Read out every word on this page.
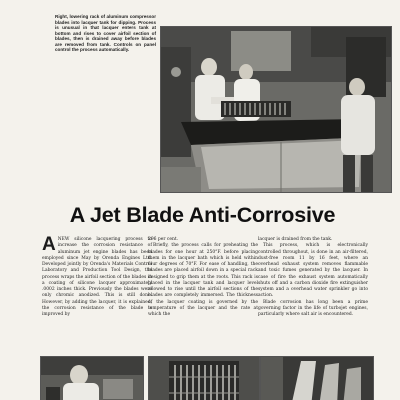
Right, lowering rack of aluminum compressor blades into lacquer tank for dipping. Process is unusual in that lacquer enters tank at bottom and rises to cover airfoil section of blades, then is drained away before blades are removed from tank. Controls on panel control the process automatically.
A Jet Blade Anti-Corrosive
A NEW silicone lacquering process to increase the corrosion resistance of aluminum jet engine blades has been employed since May by Orenda Engines Ltd. Developed jointly by Orenda's Materials Control Laboratory and Production Tool Design, the process wraps the airfoil section of the blades in a coating of silicone lacquer approximately .0002 inches thick. Previously the blades were only chromic anodized. This is still done. However, by adding the lacquer, it is explained, the corrosion resistance of the blade is improved by

296 per cent.

Briefly, the process calls for preheating the blades for one hour at 250°F. before placing them in the lacquer bath which is held within four degrees of 70°F. For ease of handling, the blades are placed airfoil down in a special rack designed to grip them at the roots. This rack is placed in the lacquer tank and lacquer level allowed to rise until the airfoil sections of the blades are completely immersed. The thickness of the lacquer coating is governed by the temperature of the lacquer and the rate at which the

lacquer is drained from the tank.

This process, which is electronically controlled throughout, is done in an air-filtered, dust-free room 11 by 16 feet, where an overhead exhaust system removes flammable and toxic fumes generated by the lacquer. In case of fire the exhaust system automatically shuts off and a carbon dioxide fire extinguisher system and a overhead water sprinkler go into action.

Blade corrosion has long been a prime governing factor in the life of turbojet engines, particularly where salt air is encountered.
